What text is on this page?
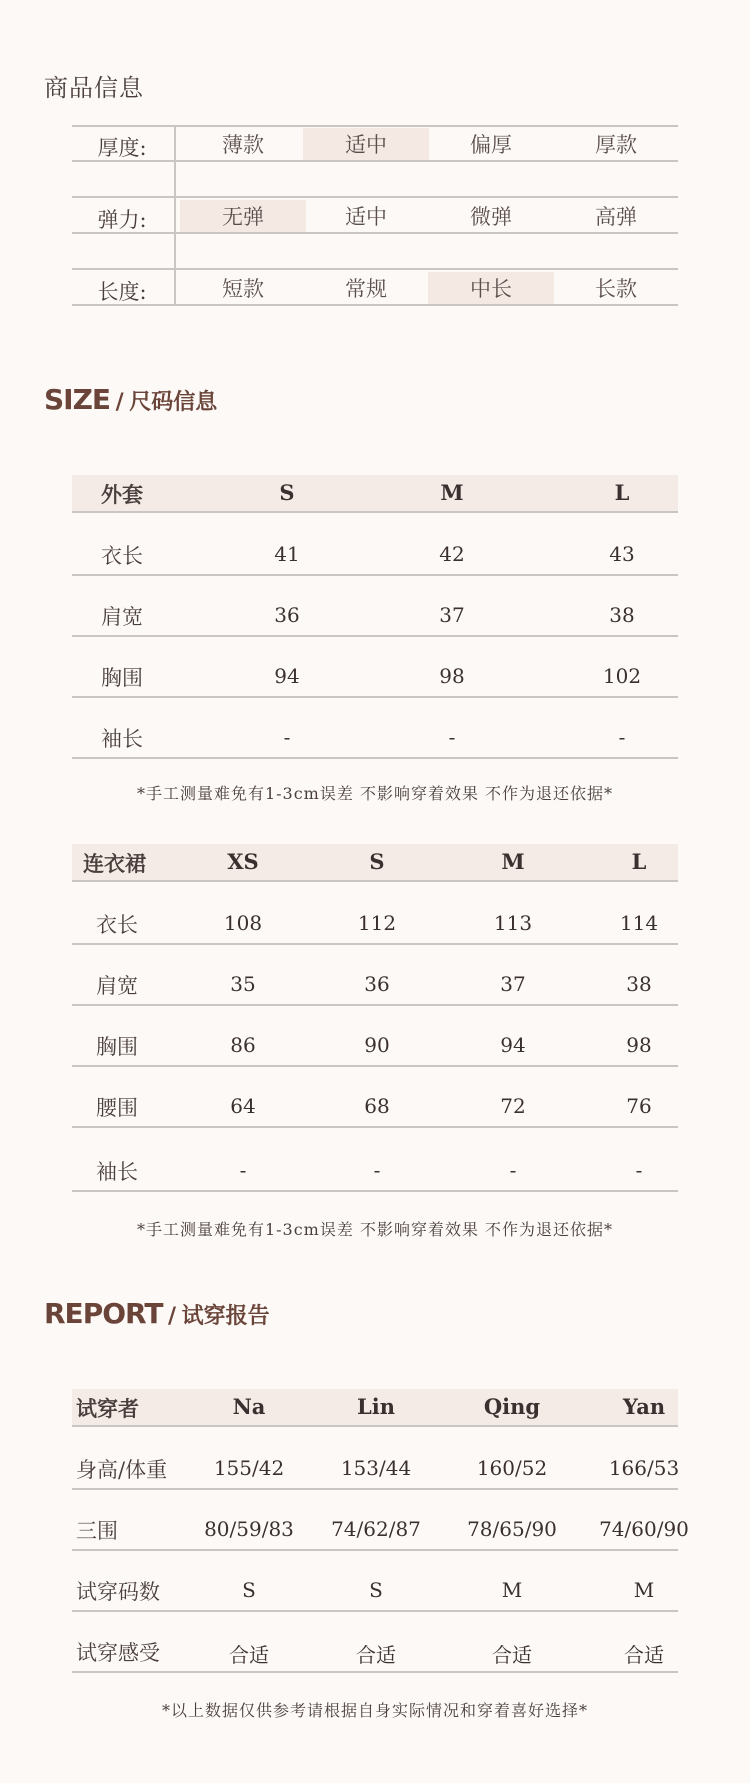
商品信息
厚度:	薄款	适中	偏厚	厚款
弹力:	无弹	适中	微弹	高弹
长度:	短款	常规	中长	长款
SIZE / 尺码信息
REPORT / 试穿报告
外套	S	M	L
衣长	41	42	43
肩宽	36	37	38
胸围	94	98	102
袖长	-	-	-
*手工测量难免有1-3cm误差 不影响穿着效果 不作为退还依据*
连衣裙	XS	S	M	L
衣长	108	112	113	114
肩宽	35	36	37	38
胸围	86	90	94	98
腰围	64	68	72	76
袖长	-	-	-	-
*手工测量难免有1-3cm误差 不影响穿着效果 不作为退还依据*
试穿者	Na	Lin	Qing	Yan
身高/体重	155/42	153/44	160/52	166/53
三围	80/59/83	74/62/87	78/65/90	74/60/90
试穿码数	S	S	M	M
试穿感受	合适	合适	合适	合适
*以上数据仅供参考请根据自身实际情况和穿着喜好选择*
